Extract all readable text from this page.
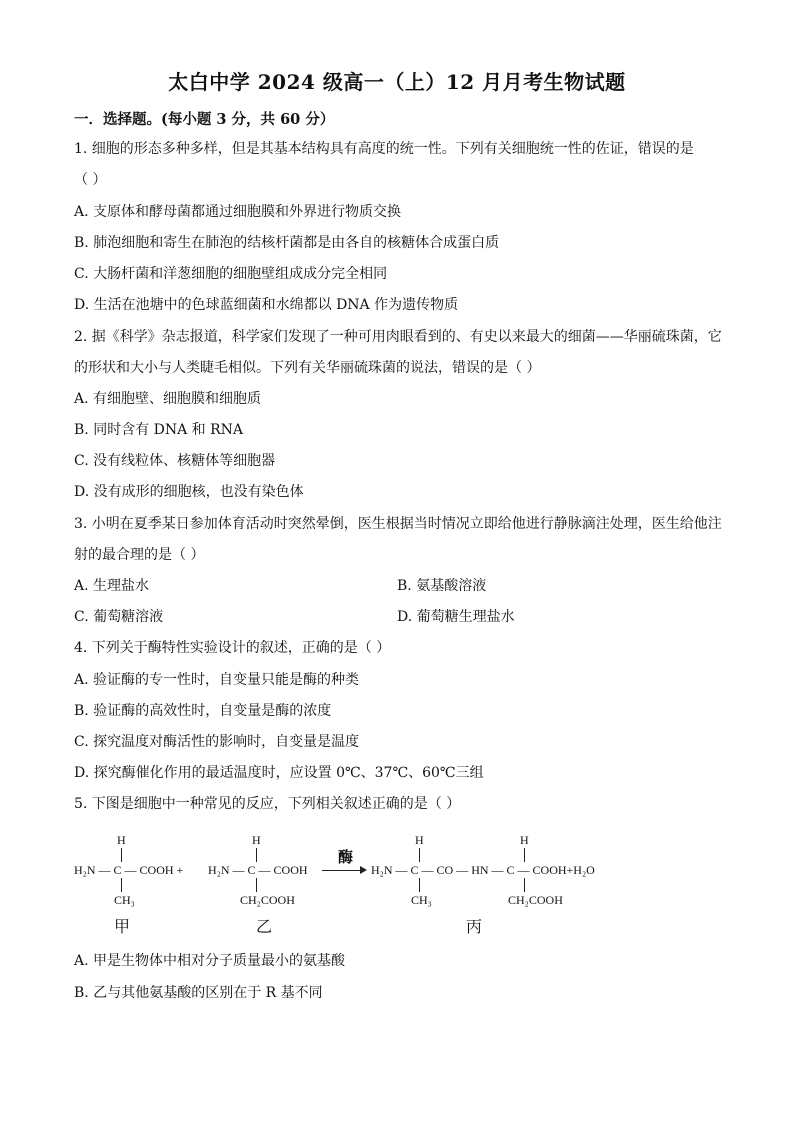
太白中学 2024 级高一（上）12 月月考生物试题
一．选择题。(每小题 3 分，共 60 分）
1. 细胞的形态多种多样，但是其基本结构具有高度的统一性。下列有关细胞统一性的佐证，错误的是
（ ）
A. 支原体和酵母菌都通过细胞膜和外界进行物质交换
B. 肺泡细胞和寄生在肺泡的结核杆菌都是由各自的核糖体合成蛋白质
C. 大肠杆菌和洋葱细胞的细胞壁组成成分完全相同
D. 生活在池塘中的色球蓝细菌和水绵都以 DNA 作为遗传物质
2. 据《科学》杂志报道，科学家们发现了一种可用肉眼看到的、有史以来最大的细菌——华丽硫珠菌，它
的形状和大小与人类睫毛相似。下列有关华丽硫珠菌的说法，错误的是（ ）
A. 有细胞壁、细胞膜和细胞质
B. 同时含有 DNA 和 RNA
C. 没有线粒体、核糖体等细胞器
D. 没有成形的细胞核，也没有染色体
3. 小明在夏季某日参加体育活动时突然晕倒，医生根据当时情况立即给他进行静脉滴注处理，医生给他注
射的最合理的是（ ）
A. 生理盐水	B. 氨基酸溶液
C. 葡萄糖溶液	D. 葡萄糖生理盐水
4. 下列关于酶特性实验设计的叙述，正确的是（ ）
A. 验证酶的专一性时，自变量只能是酶的种类
B. 验证酶的高效性时，自变量是酶的浓度
C. 探究温度对酶活性的影响时，自变量是温度
D. 探究酶催化作用的最适温度时，应设置 0℃、37℃、60℃三组
5. 下图是细胞中一种常见的反应，下列相关叙述正确的是（ ）
H
H₂N — C — COOH +
CH₃
H
H₂N — C — COOH
CH₂COOH
酶
H	H
H₂N — C — CO — HN — C — COOH+H₂O
CH₃	CH₂COOH
甲	乙	丙
A. 甲是生物体中相对分子质量最小的氨基酸
B. 乙与其他氨基酸的区别在于 R 基不同
